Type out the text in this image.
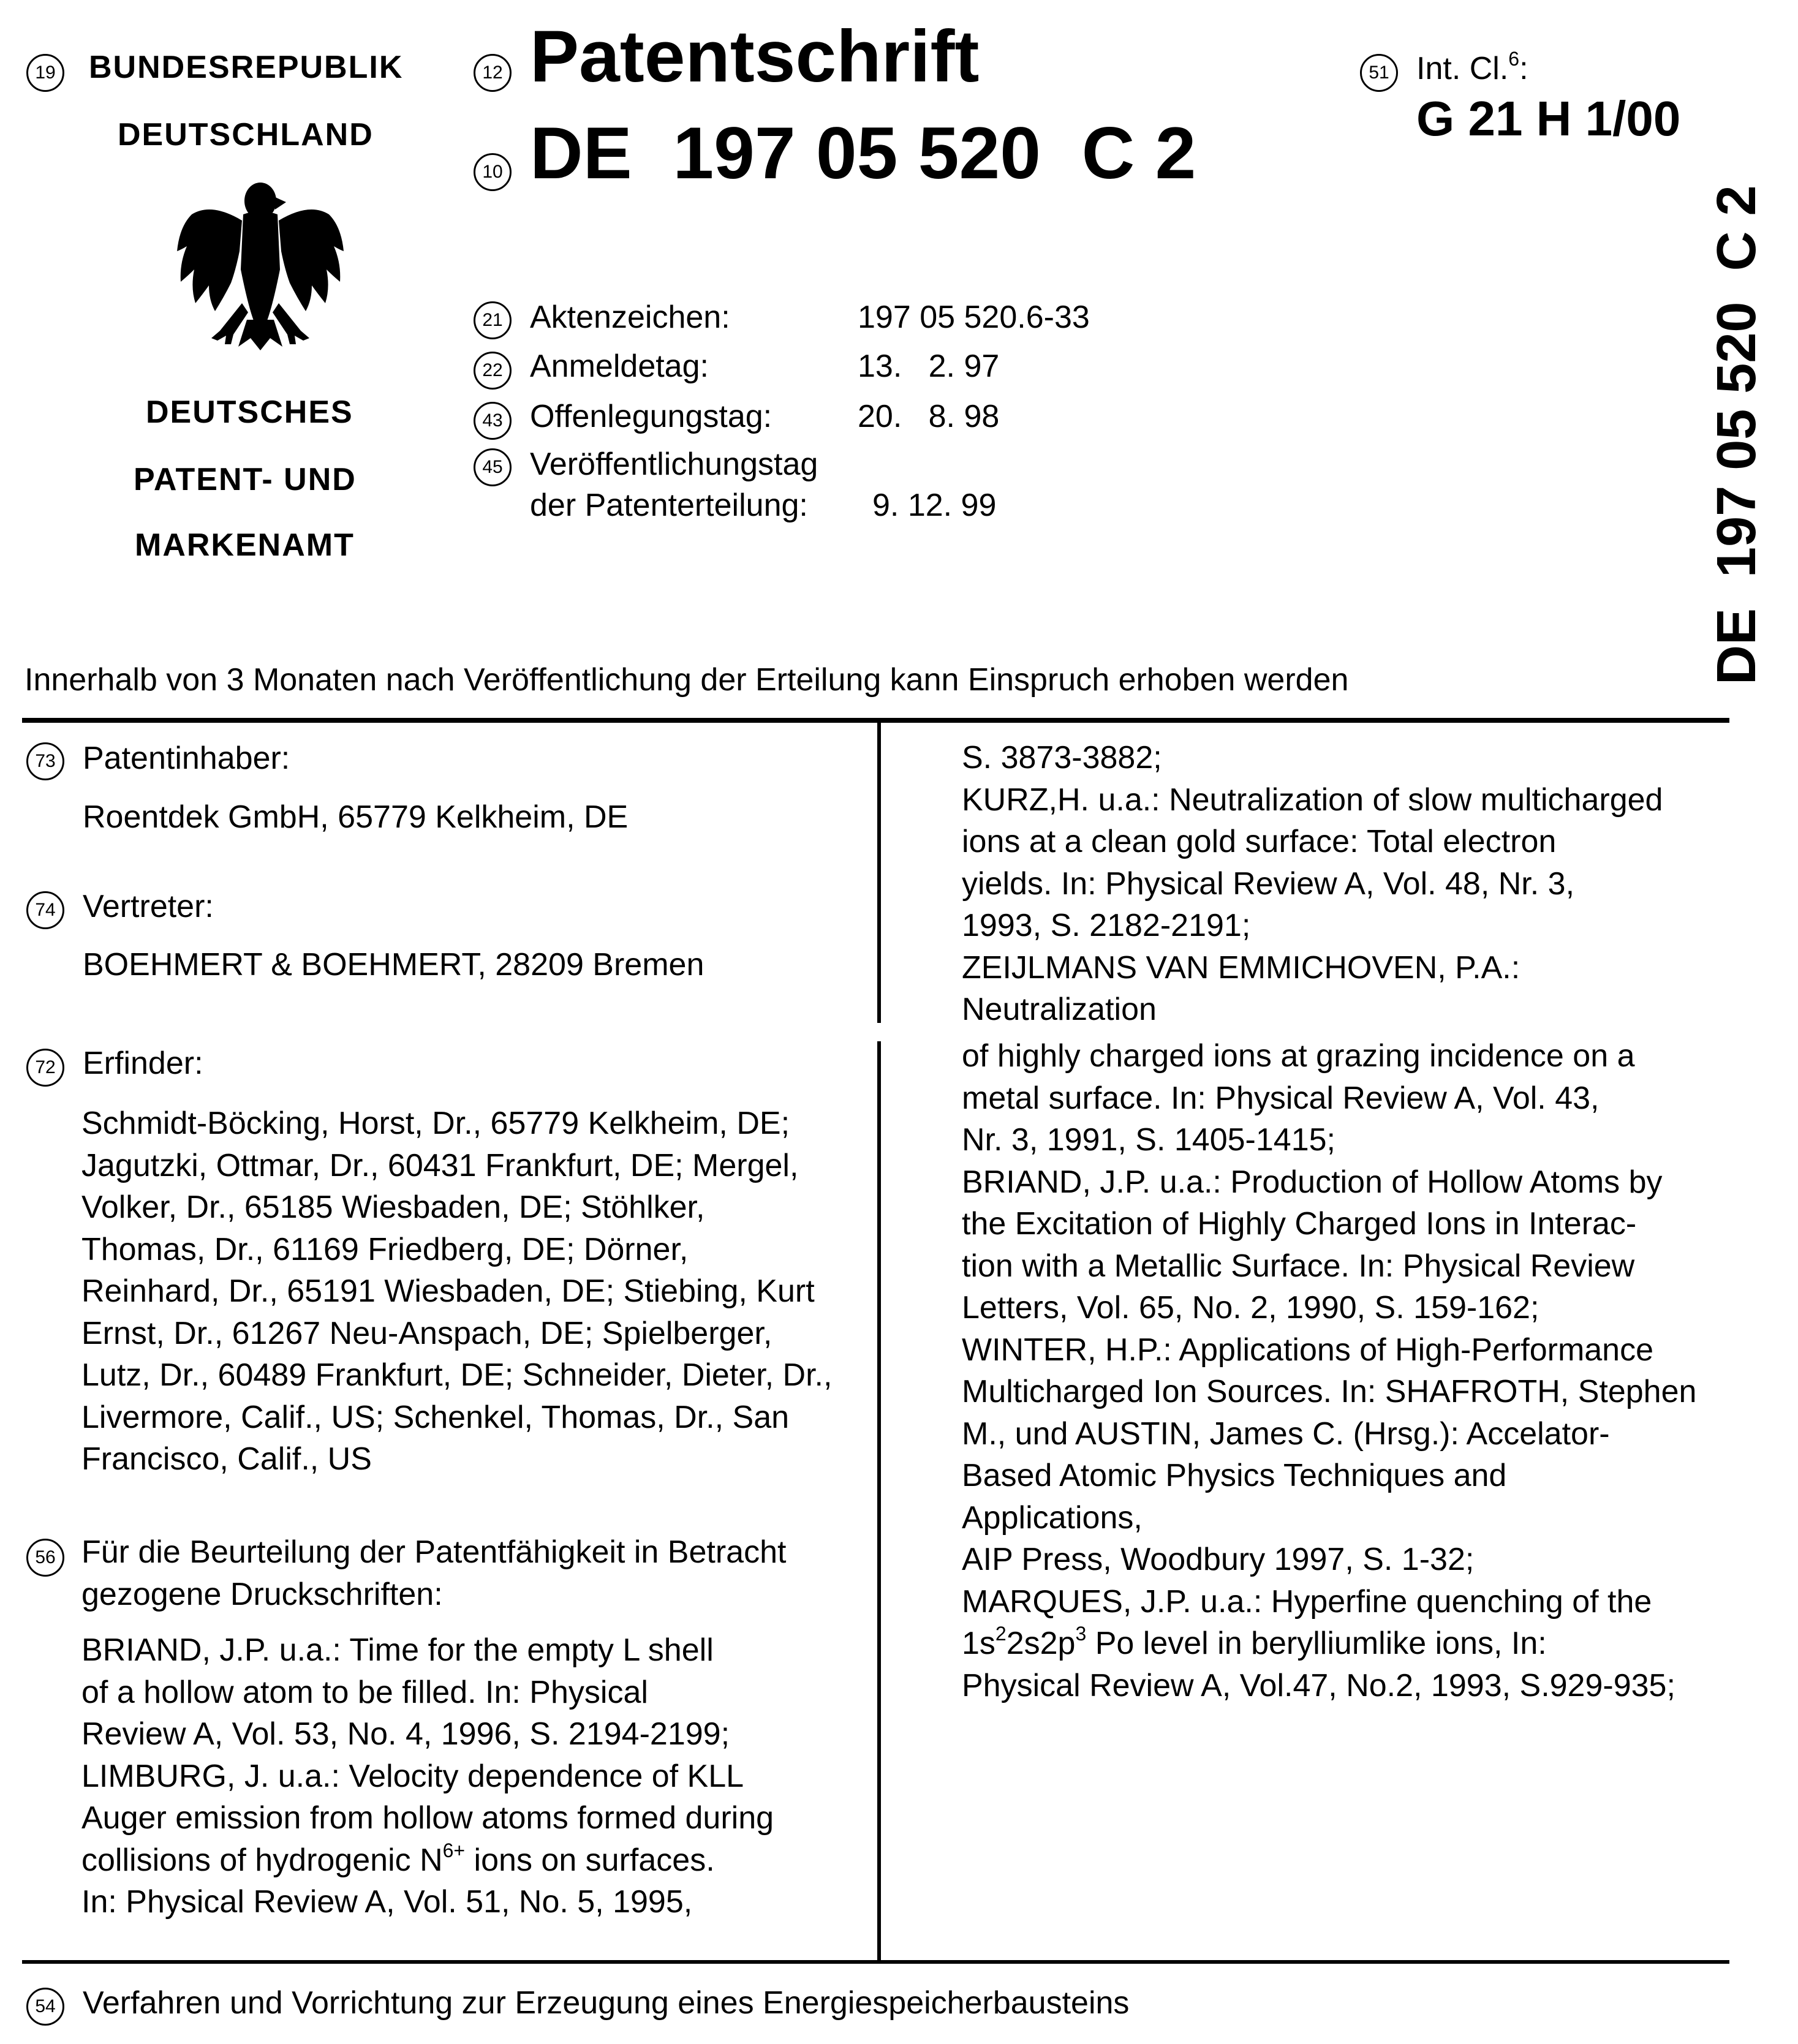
19 BUNDESREPUBLIK
DEUTSCHLAND
DEUTSCHES
PATENT- UND
MARKENAMT
12 Patentschrift
10 DE  197 05 520  C 2
51 Int. Cl.$^6$:
G 21 H 1/00
DE  197 05 520  C 2
21 Aktenzeichen:	197 05 520.6-33
22 Anmeldetag:	13.   2. 97
43 Offenlegungstag:	20.   8. 98
45 Veröffentlichungstag
der Patenterteilung: 9. 12. 99
Innerhalb von 3 Monaten nach Veröffentlichung der Erteilung kann Einspruch erhoben werden
73 Patentinhaber:
Roentdek GmbH, 65779 Kelkheim, DE
74 Vertreter:
BOEHMERT & BOEHMERT, 28209 Bremen
72 Erfinder:
Schmidt-Böcking, Horst, Dr., 65779 Kelkheim, DE;
Jagutzki, Ottmar, Dr., 60431 Frankfurt, DE; Mergel,
Volker, Dr., 65185 Wiesbaden, DE; Stöhlker,
Thomas, Dr., 61169 Friedberg, DE; Dörner,
Reinhard, Dr., 65191 Wiesbaden, DE; Stiebing, Kurt
Ernst, Dr., 61267 Neu-Anspach, DE; Spielberger,
Lutz, Dr., 60489 Frankfurt, DE; Schneider, Dieter, Dr.,
Livermore, Calif., US; Schenkel, Thomas, Dr., San
Francisco, Calif., US
56 Für die Beurteilung der Patentfähigkeit in Betracht
gezogene Druckschriften:
BRIAND, J.P. u.a.: Time for the empty L shell
of a hollow atom to be filled. In: Physical
Review A, Vol. 53, No. 4, 1996, S. 2194-2199;
LIMBURG, J. u.a.: Velocity dependence of KLL
Auger emission from hollow atoms formed during
collisions of hydrogenic $N^{6+}$ ions on surfaces.
In: Physical Review A, Vol. 51, No. 5, 1995,
S. 3873-3882;
KURZ,H. u.a.: Neutralization of slow multicharged
ions at a clean gold surface: Total electron
yields. In: Physical Review A, Vol. 48, Nr. 3,
1993, S. 2182-2191;
ZEIJLMANS VAN EMMICHOVEN, P.A.:
Neutralization
of highly charged ions at grazing incidence on a
metal surface. In: Physical Review A, Vol. 43,
Nr. 3, 1991, S. 1405-1415;
BRIAND, J.P. u.a.: Production of Hollow Atoms by
the Excitation of Highly Charged Ions in Interac-
tion with a Metallic Surface. In: Physical Review
Letters, Vol. 65, No. 2, 1990, S. 159-162;
WINTER, H.P.: Applications of High-Performance
Multicharged Ion Sources. In: SHAFROTH, Stephen
M., und AUSTIN, James C. (Hrsg.): Accelator-
Based Atomic Physics Techniques and
Applications,
AIP Press, Woodbury 1997, S. 1-32;
MARQUES, J.P. u.a.: Hyperfine quenching of the
$1s^22s2p^3$ Po level in berylliumlike ions, In:
Physical Review A, Vol.47, No.2, 1993, S.929-935;
54 Verfahren und Vorrichtung zur Erzeugung eines Energiespeicherbausteins
